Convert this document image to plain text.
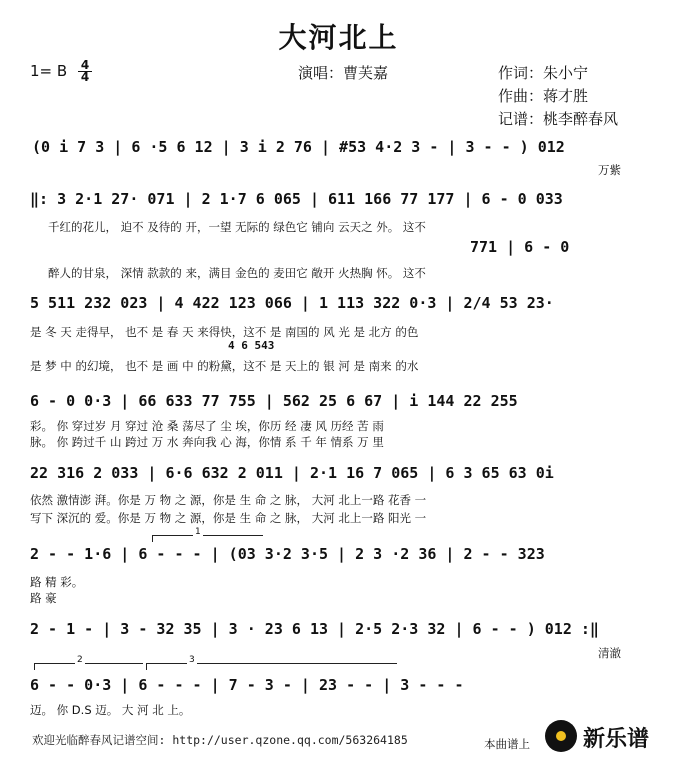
大河北上
1= B 4
4	演唱：曹芙嘉	作词：朱小宁
作曲：蒋才胜
记谱：桃李醉春风
(0 i 7 3 | 6 ·5 6 12 | 3 i 2 76 | #53 4·2 3 - | 3 - - ) 012
万紫
‖: 3 2·1 27· 071 | 2 1·7 6 065 | 611 166 77 177 | 6 - 0 033
千红的花儿， 迫不 及待的 开，一望 无际的 绿色它 铺向 云天之 外。 这不
771 | 6 - 0
醉人的甘泉， 深情 款款的 来，满目 金色的 麦田它 敞开 火热胸 怀。 这不
5 511 232 023 | 4 422 123 066 | 1 113 322 0·3 | 2/4 53 23·
是 冬 天 走得早， 也不 是 春 天 来得快，这不 是 南国的 风 光 是 北方 的色
4 6 543
是 梦 中 的幻境， 也不 是 画 中 的粉黛，这不 是 天上的 银 河 是 南来 的水
6 - 0 0·3 | 66 633 77 755 | 562 25 6 67 | i 144 22 255
彩。 你 穿过岁 月 穿过 沧 桑 荡尽了 尘 埃，你历 经 凄 风 历经 苦 雨
脉。 你 跨过千 山 跨过 万 水 奔向我 心 海，你情 系 千 年 情系 万 里
22 316 2 033 | 6·6 632 2 011 | 2·1 16 7 065 | 6 3 65 63 0i
依然 激情澎 湃。你是 万 物 之 源，你是 生 命 之 脉， 大河 北上一路 花香 一
写下 深沉的 爱。你是 万 物 之 源，你是 生 命 之 脉， 大河 北上一路 阳光 一
1
2 - - 1·6 | 6 - - - | (03 3·2 3·5 | 2 3 ·2 36 | 2 - - 323
路 精 彩。
路 豪
2 - 1 - | 3 - 32 35 | 3 · 23 6 13 | 2·5 2·3 32 | 6 - - ) 012 :‖
清澈
2	3
6 - - 0·3 | 6 - - - | 7 - 3 - | 23 - - | 3 - - -
迈。 你 D.S 迈。 大 河 北 上。
欢迎光临醉春风记谱空间: http://user.qzone.qq.com/563264185	本曲谱上 新乐谱
